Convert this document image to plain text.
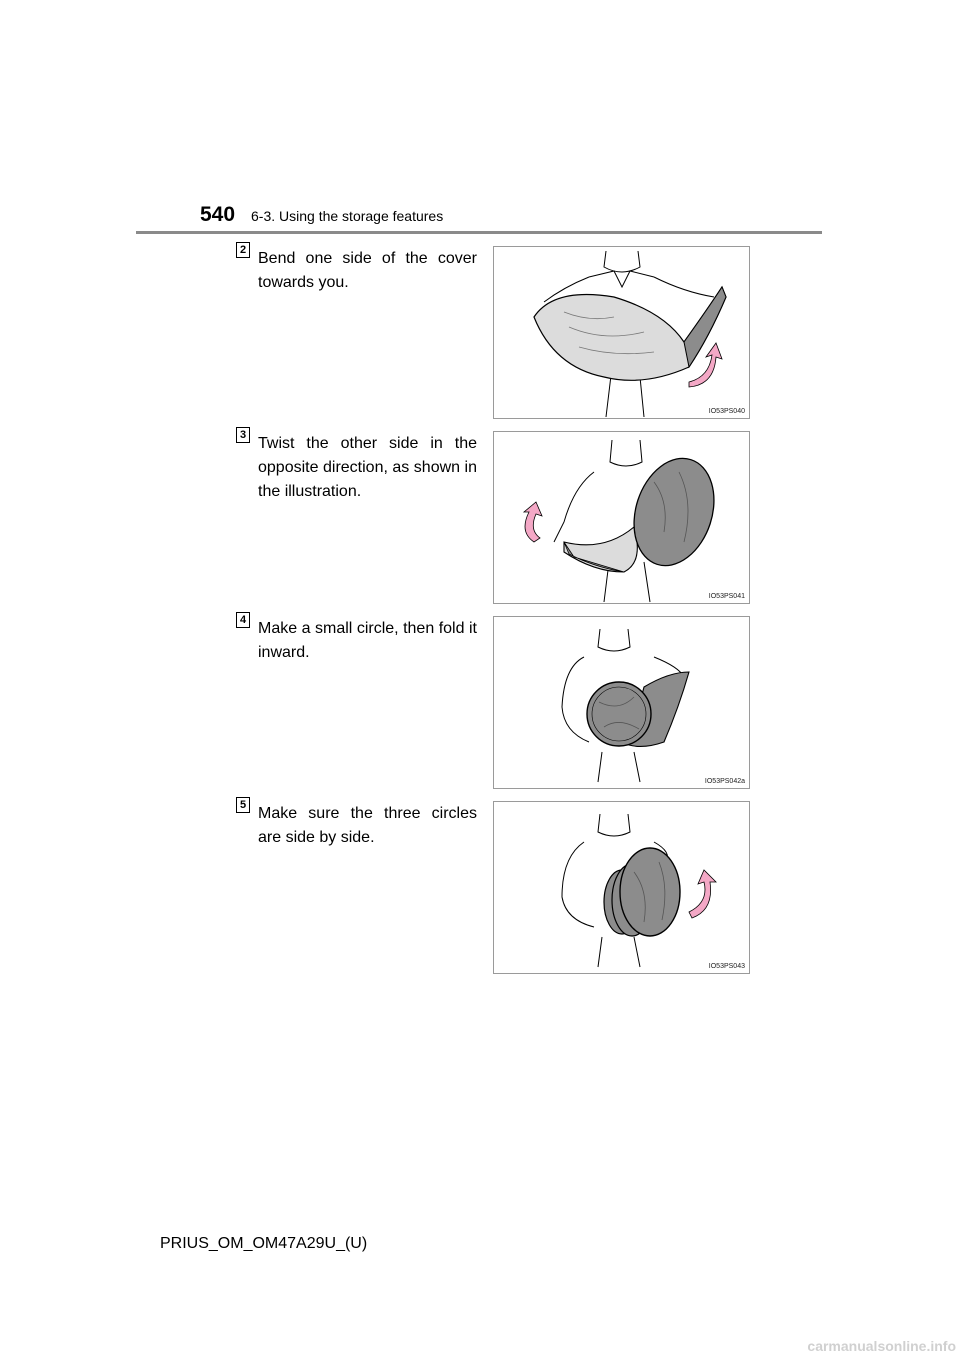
540 6-3. Using the storage features
2 Bend one side of the cover towards you.
IO53PS040
3 Twist the other side in the opposite direction, as shown in the illustration.
IO53PS041
4 Make a small circle, then fold it inward.
IO53PS042a
5 Make sure the three circles are side by side.
IO53PS043
PRIUS_OM_OM47A29U_(U)
carmanualsonline.info
